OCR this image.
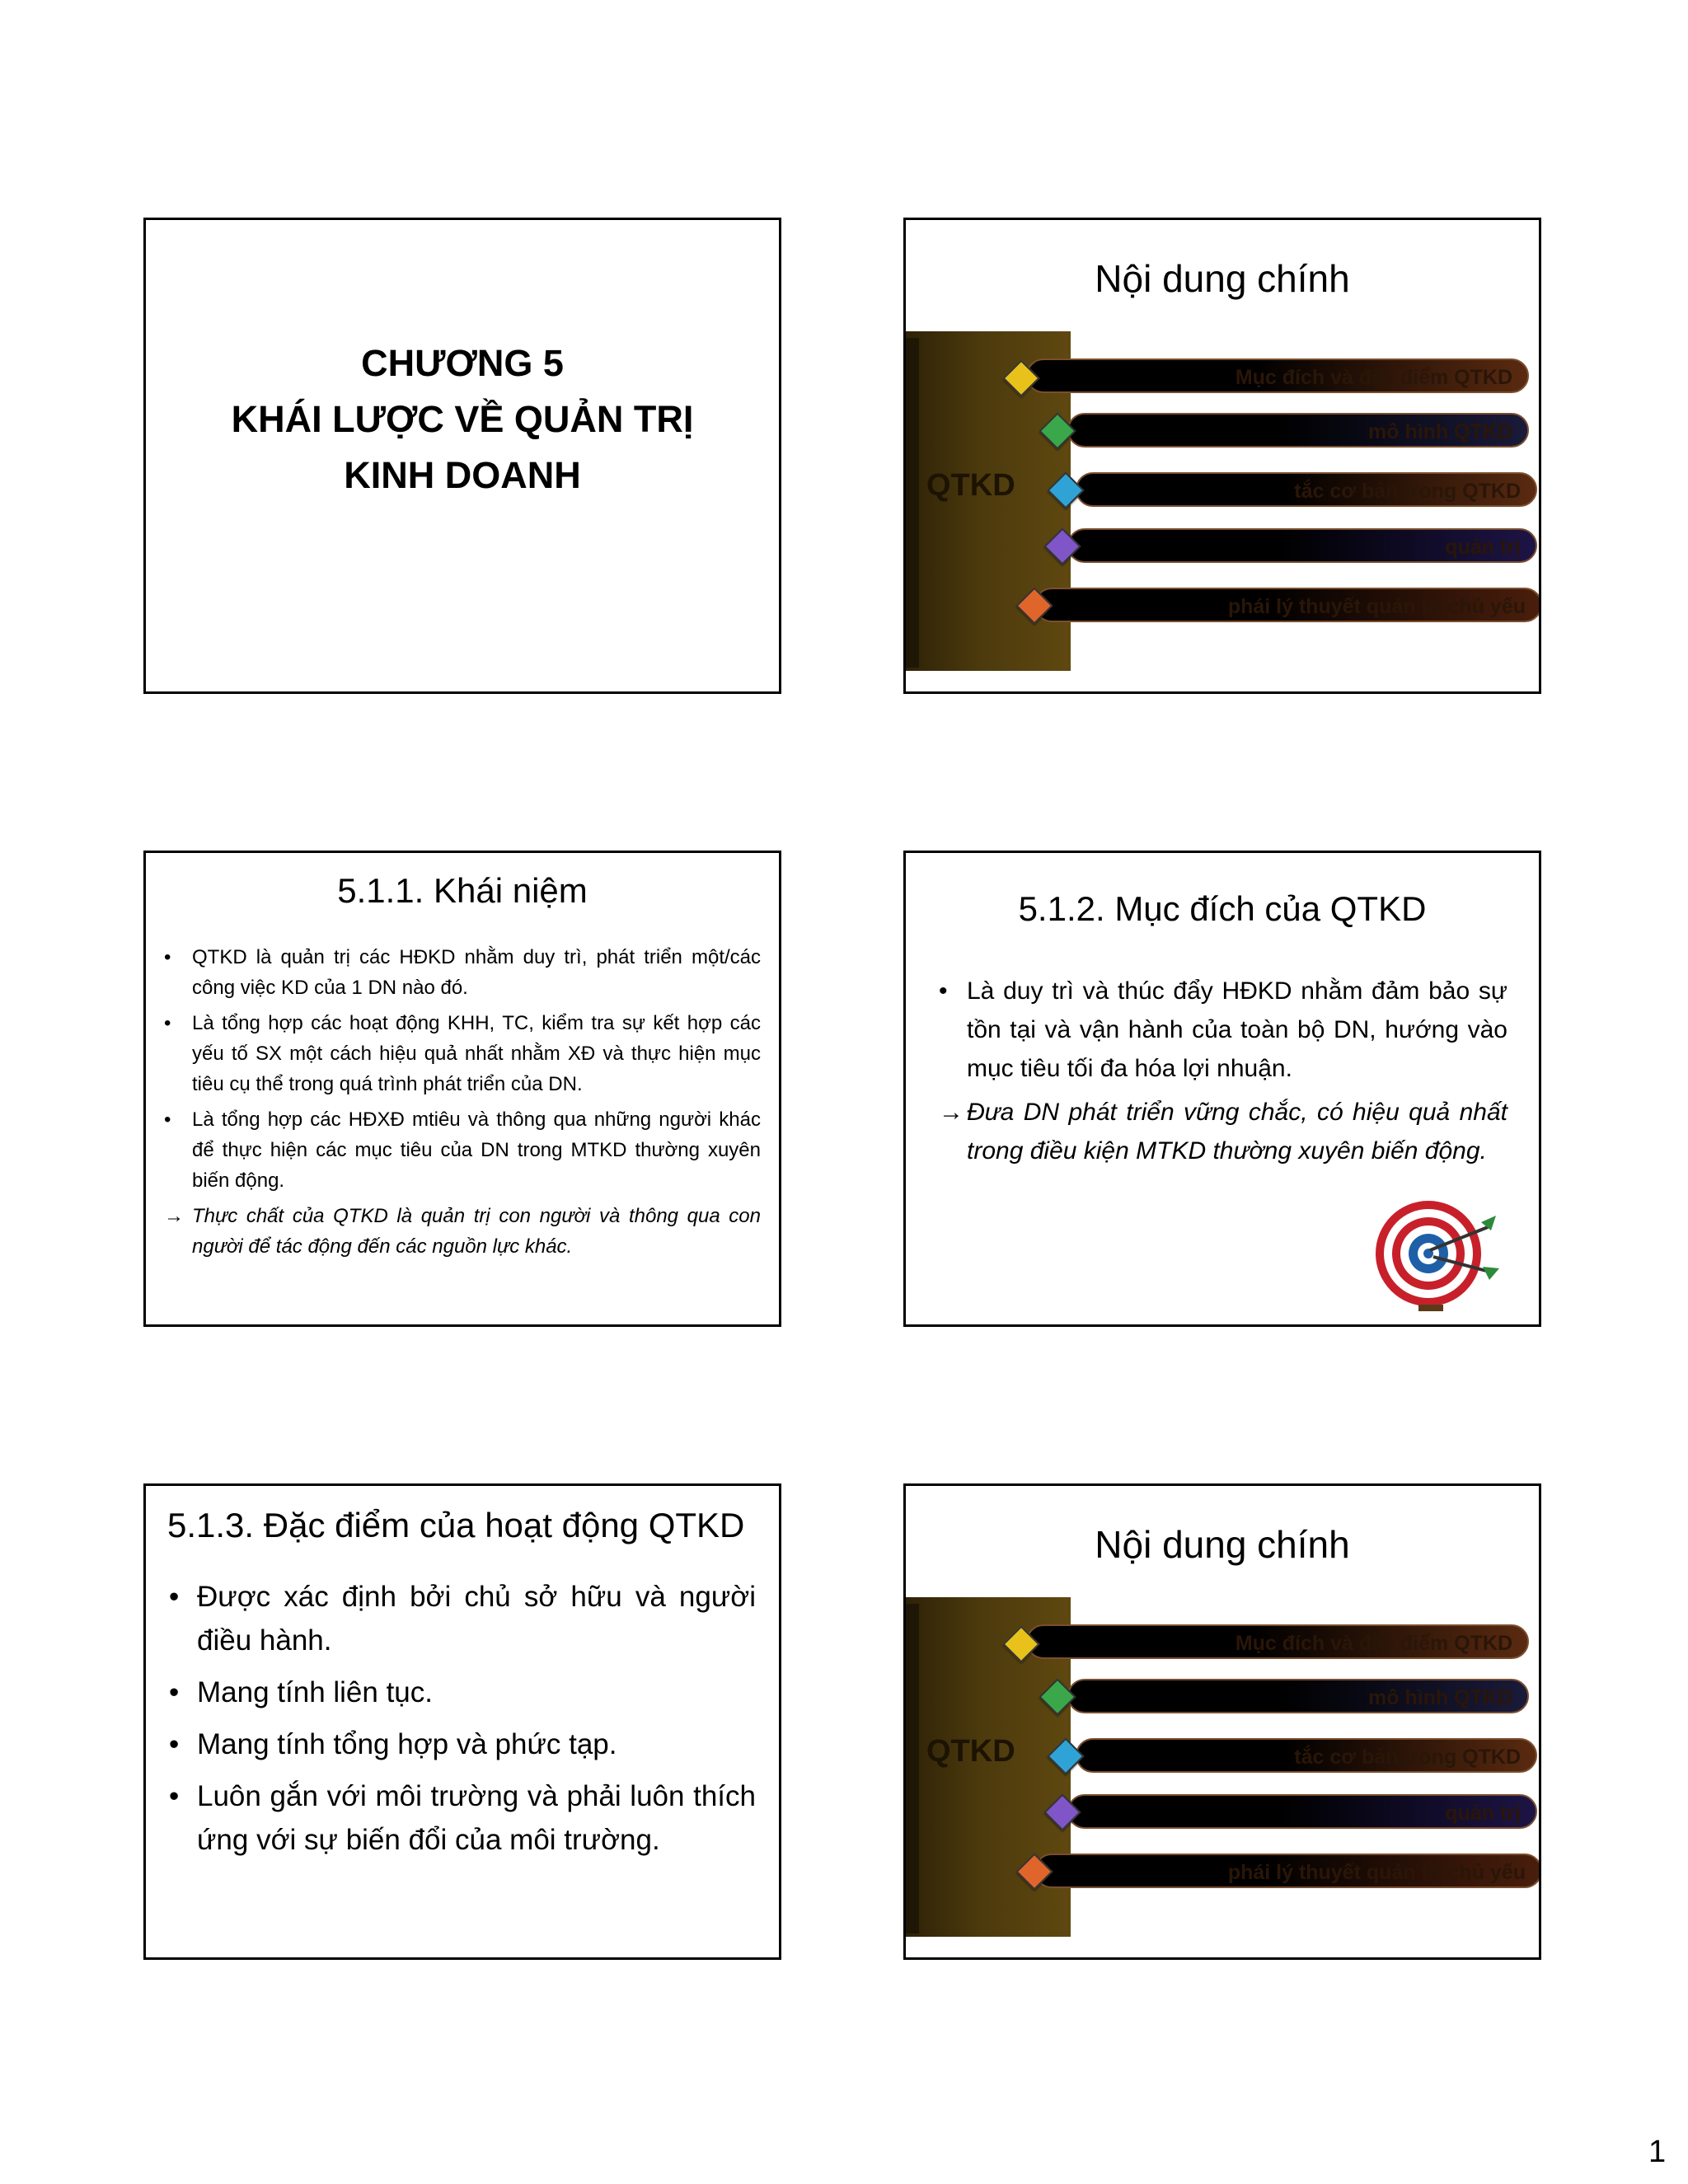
CHƯƠNG 5
KHÁI LƯỢC VỀ QUẢN TRỊ
KINH DOANH
Nội dung chính
QTKD
Mục đích và đặc điểm QTKD
mô hình QTKD
tắc cơ bản trong QTKD
quản trị
phái lý thuyết quản trị chủ yếu
5.1.1. Khái niệm
• QTKD là quản trị các HĐKD nhằm duy trì, phát triển một/các công việc KD của 1 DN nào đó.
• Là tổng hợp các hoạt động KHH, TC, kiểm tra sự kết hợp các yếu tố SX một cách hiệu quả nhất nhằm XĐ và thực hiện mục tiêu cụ thể trong quá trình phát triển của DN.
• Là tổng hợp các HĐXĐ mtiêu và thông qua những người khác để thực hiện các mục tiêu của DN trong MTKD thường xuyên biến động.
→ Thực chất của QTKD là quản trị con người và thông qua con người để tác động đến các nguồn lực khác.
5.1.2. Mục đích của QTKD
• Là duy trì và thúc đẩy HĐKD nhằm đảm bảo sự tồn tại và vận hành của toàn bộ DN, hướng vào mục tiêu tối đa hóa lợi nhuận.
→ Đưa DN phát triển vững chắc, có hiệu quả nhất trong điều kiện MTKD thường xuyên biến động.
5.1.3. Đặc điểm của hoạt động QTKD
• Được xác định bởi chủ sở hữu và người điều hành.
• Mang tính liên tục.
• Mang tính tổng hợp và phức tạp.
• Luôn gắn với môi trường và phải luôn thích ứng với sự biến đổi của môi trường.
Nội dung chính
QTKD
Mục đích và đặc điểm QTKD
mô hình QTKD
tắc cơ bản trong QTKD
quản trị
phái lý thuyết quản trị chủ yếu
1
